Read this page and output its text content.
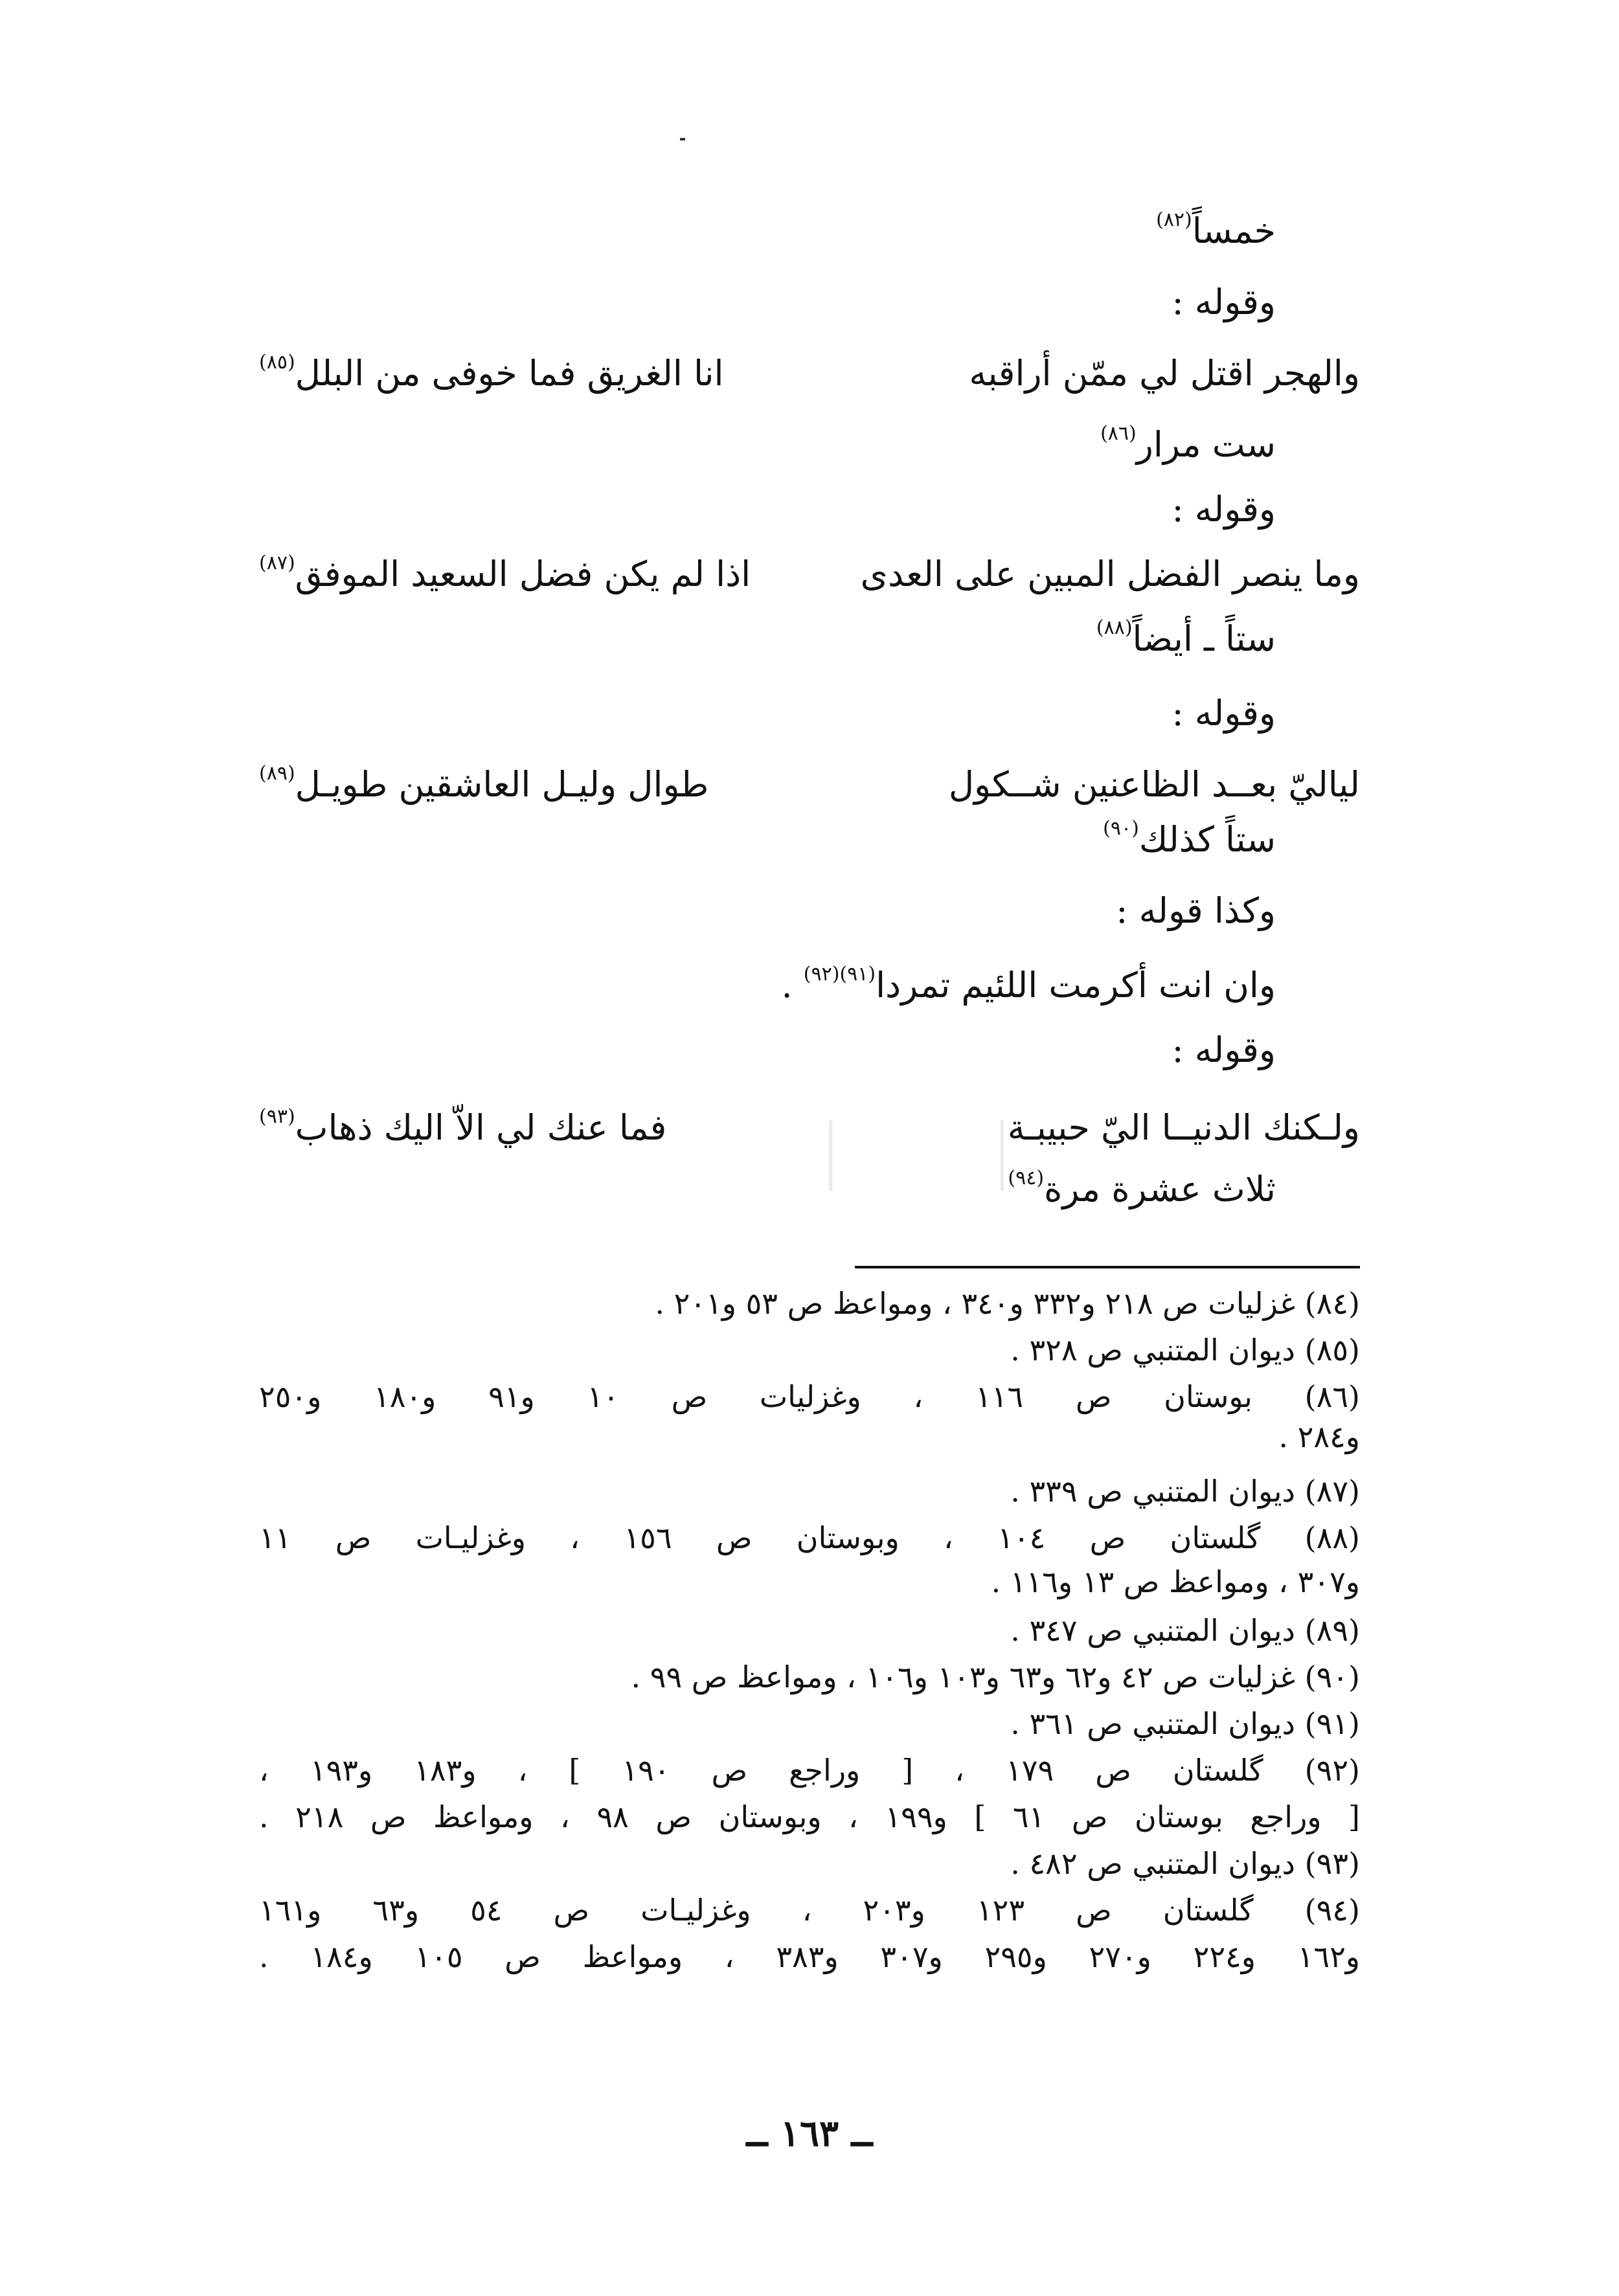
خمساً$^{(٨٢)}$
وقوله :
والهجر اقتل لي ممّن أراقبه
انا الغريق فما خوفى من البلل$^{(٨٥)}$
ست مرار$^{(٨٦)}$
وقوله :
وما ينصر الفضل المبين على العدى
اذا لم يكن فضل السعيد الموفق$^{(٨٧)}$
ستاً ـ أيضاً$^{(٨٨)}$
وقوله :
لياليّ بعــد الظاعنين شــكول
طوال وليـل العاشقين طويـل$^{(٨٩)}$
ستاً كذلك$^{(٩٠)}$
وكذا قوله :
وان انت أكرمت اللئيم تمردا$^{(٩١)(٩٢)}$ .
وقوله :
ولـكنك الدنيــا اليّ حبيبـة
فما عنك لي الاّ اليك ذهاب$^{(٩٣)}$
ثلاث عشرة مرة$^{(٩٤)}$
(٨٤) غزليات ص ٢١٨ و٣٣٢ و٣٤٠ ، ومواعظ ص ٥٣ و٢٠١ .
(٨٥) ديوان المتنبي ص ٣٢٨ .
(٨٦) بوستان ص ١١٦ ، وغزليات ص ١٠ و٩١ و١٨٠ و٢٥٠
و٢٨٤ .
(٨٧) ديوان المتنبي ص ٣٣٩ .
(٨٨) گلستان ص ١٠٤ ، وبوستان ص ١٥٦ ، وغزليـات ص ١١
و٣٠٧ ، ومواعظ ص ١٣ و١١٦ .
(٨٩) ديوان المتنبي ص ٣٤٧ .
(٩٠) غزليات ص ٤٢ و٦٢ و٦٣ و١٠٣ و١٠٦ ، ومواعظ ص ٩٩ .
(٩١) ديوان المتنبي ص ٣٦١ .
(٩٢) گلستان ص ١٧٩ ، [ وراجع ص ١٩٠ ] ، و١٨٣ و١٩٣ ،
[ وراجع بوستان ص ٦١ ] و١٩٩ ، وبوستان ص ٩٨ ، ومواعظ ص ٢١٨ .
(٩٣) ديوان المتنبي ص ٤٨٢ .
(٩٤) گلستان ص ١٢٣ و٢٠٣ ، وغزليـات ص ٥٤ و٦٣ و١٦١
و١٦٢ و٢٢٤ و٢٧٠ و٢٩٥ و٣٠٧ و٣٨٣ ، ومواعظ ص ١٠٥ و١٨٤ .
ــ ١٦٣ ــ
